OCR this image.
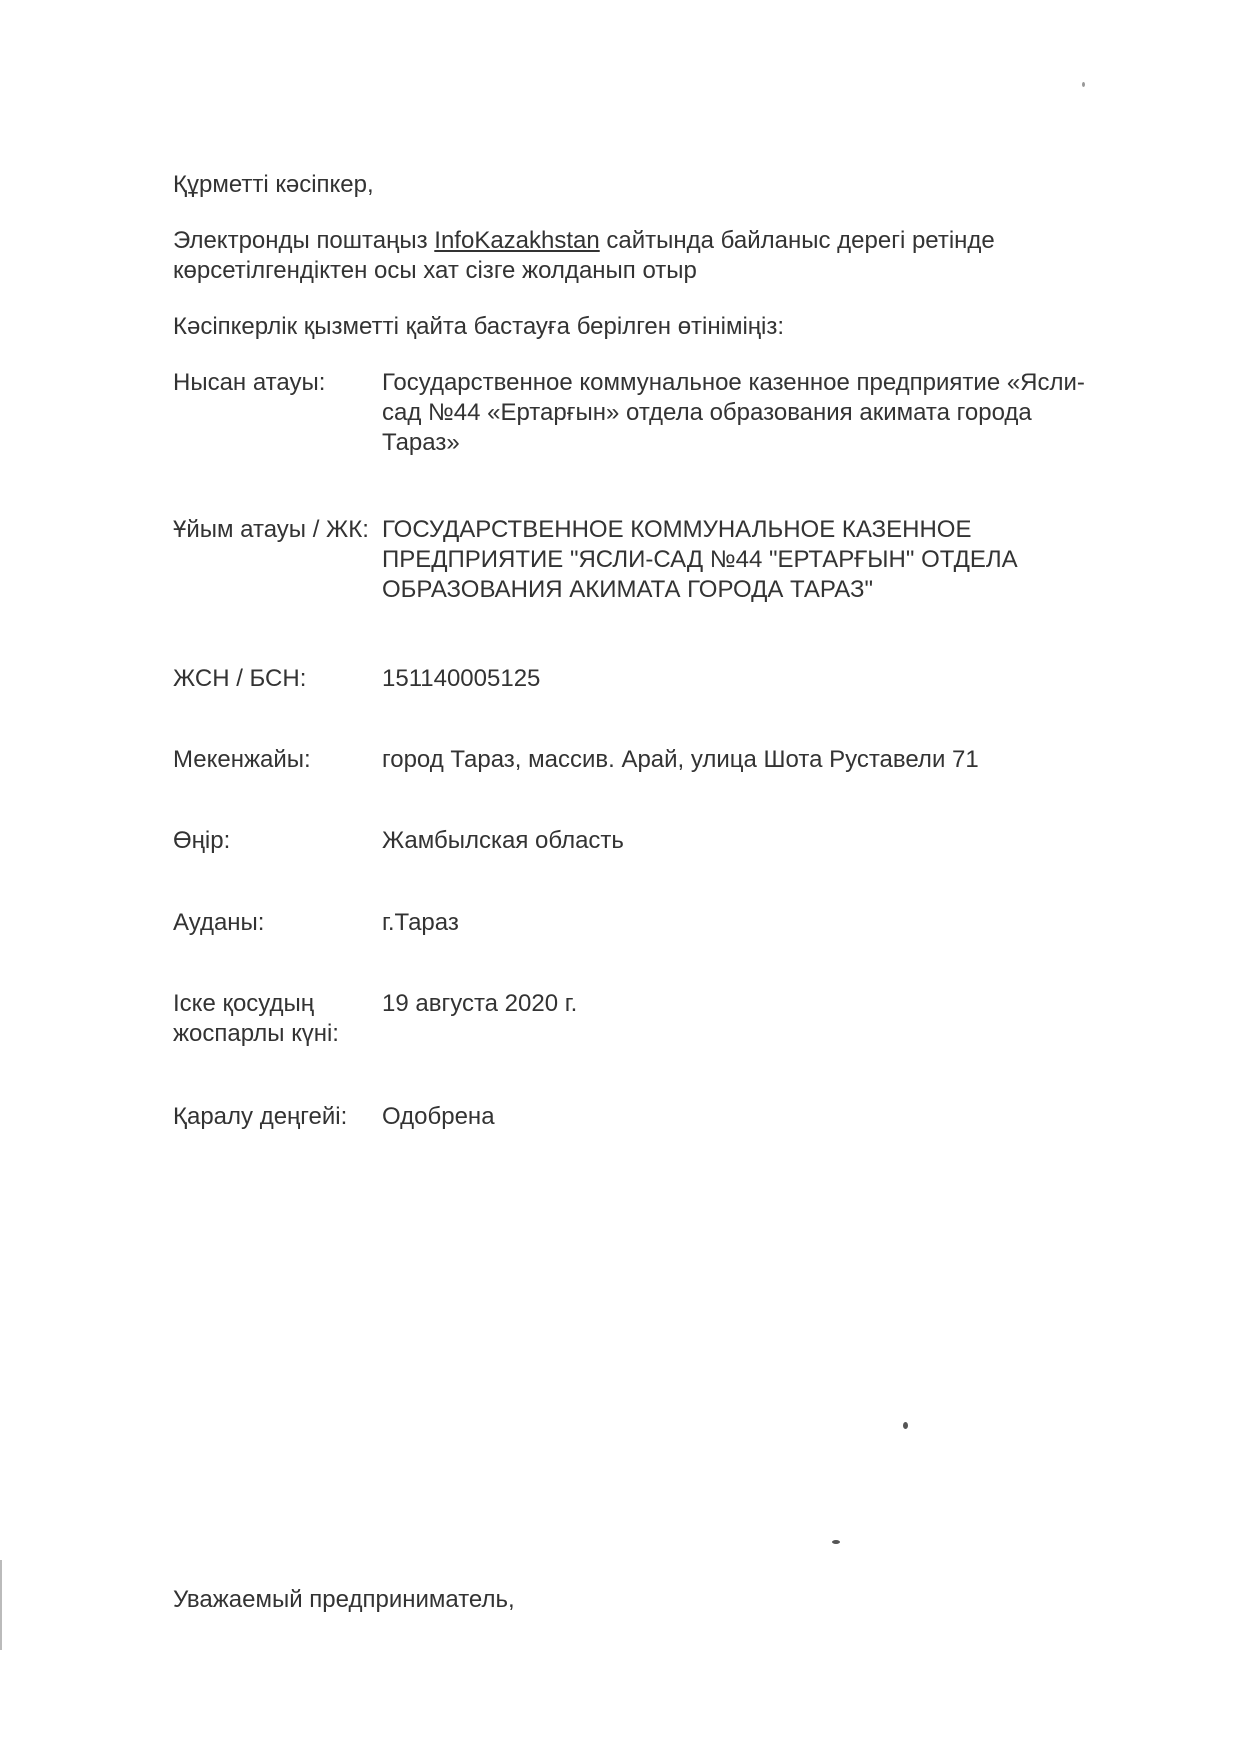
Құрметті кәсіпкер,
Электронды поштаңыз InfoKazakhstan сайтында байланыс дерегі ретінде көрсетілгендіктен осы хат сізге жолданып отыр
Кәсіпкерлік қызметті қайта бастауға берілген өтініміңіз:
Нысан атауы:	Государственное коммунальное казенное предприятие «Ясли- сад №44 «Ертарғын» отдела образования акимата города Тараз»
Ұйым атауы / ЖК: ГОСУДАРСТВЕННОЕ КОММУНАЛЬНОЕ КАЗЕННОЕ ПРЕДПРИЯТИЕ "ЯСЛИ-САД №44 "ЕРТАРҒЫН" ОТДЕЛА ОБРАЗОВАНИЯ АКИМАТА ГОРОДА ТАРАЗ"
ЖСН / БСН:	151140005125
Мекенжайы:	город Тараз, массив. Арай, улица Шота Руставели 71
Өңір:	Жамбылская область
Ауданы:	г.Тараз
Іске қосудың жоспарлы күні:
19 августа 2020 г.
Қаралу деңгейі:	Одобрена
Уважаемый предприниматель,
